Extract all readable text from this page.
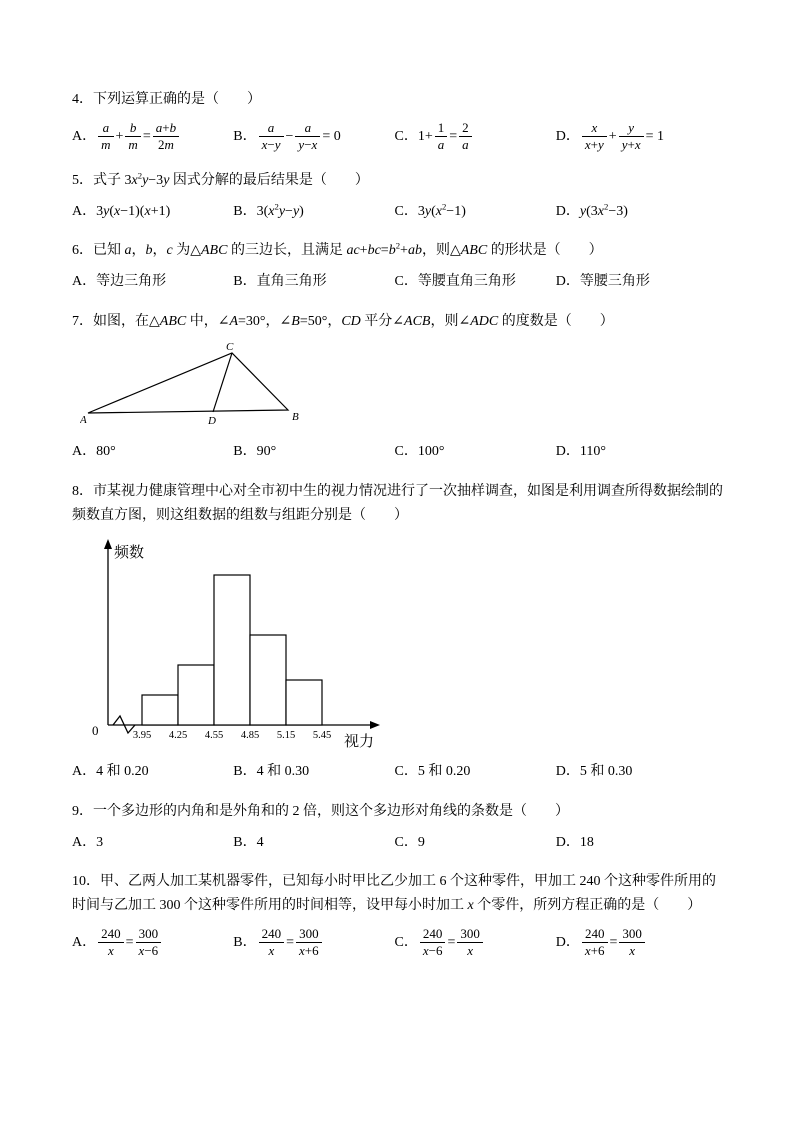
4．下列运算正确的是（　　）

A． $\frac{a}{m} + \frac{b}{m} = \frac{a+b}{2m}$	B． $\frac{a}{x-y} - \frac{a}{y-x} = 0$	C．$1+ \frac{1}{a} = \frac{2}{a}$	D． $\frac{x}{x+y} + \frac{y}{y+x} = 1$

5．式子 $3x^2y-3y$ 因式分解的最后结果是（　　）

A．3y(x−1)(x+1)	B．$3(x^2y-y)$	C．$3y(x^2-1)$	D．$y(3x^2-3)$

6．已知 a，b，c 为△ABC 的三边长，且满足 $ac+bc=b^2+ab$，则△ABC 的形状是（　　）

A．等边三角形	B．直角三角形	C．等腰直角三角形	D．等腰三角形

7．如图，在△ABC 中，∠A=30°，∠B=50°，CD 平分∠ACB，则∠ADC 的度数是（　　）

A	D	B
C
A．80°	B．90°	C．100°	D．110°

8．市某视力健康管理中心对全市初中生的视力情况进行了一次抽样调查，如图是利用调查所得数据绘制的频数直方图，则这组数据的组数与组距分别是（　　）

3.95 4.25 4.55 4.85 5.15 5.45
频数
视力
0
A．4 和 0.20	B．4 和 0.30	C．5 和 0.20	D．5 和 0.30

9．一个多边形的内角和是外角和的 2 倍，则这个多边形对角线的条数是（　　）

A．3	B．4	C．9	D．18

10．甲、乙两人加工某机器零件，已知每小时甲比乙少加工 6 个这种零件，甲加工 240 个这种零件所用的时间与乙加工 300 个这种零件所用的时间相等，设甲每小时加工 x 个零件，所列方程正确的是（　　）

A． $\frac{240}{x} = \frac{300}{x-6}$	B． $\frac{240}{x} = \frac{300}{x+6}$	C． $\frac{240}{x-6} = \frac{300}{x}$	D． $\frac{240}{x+6} = \frac{300}{x}$
